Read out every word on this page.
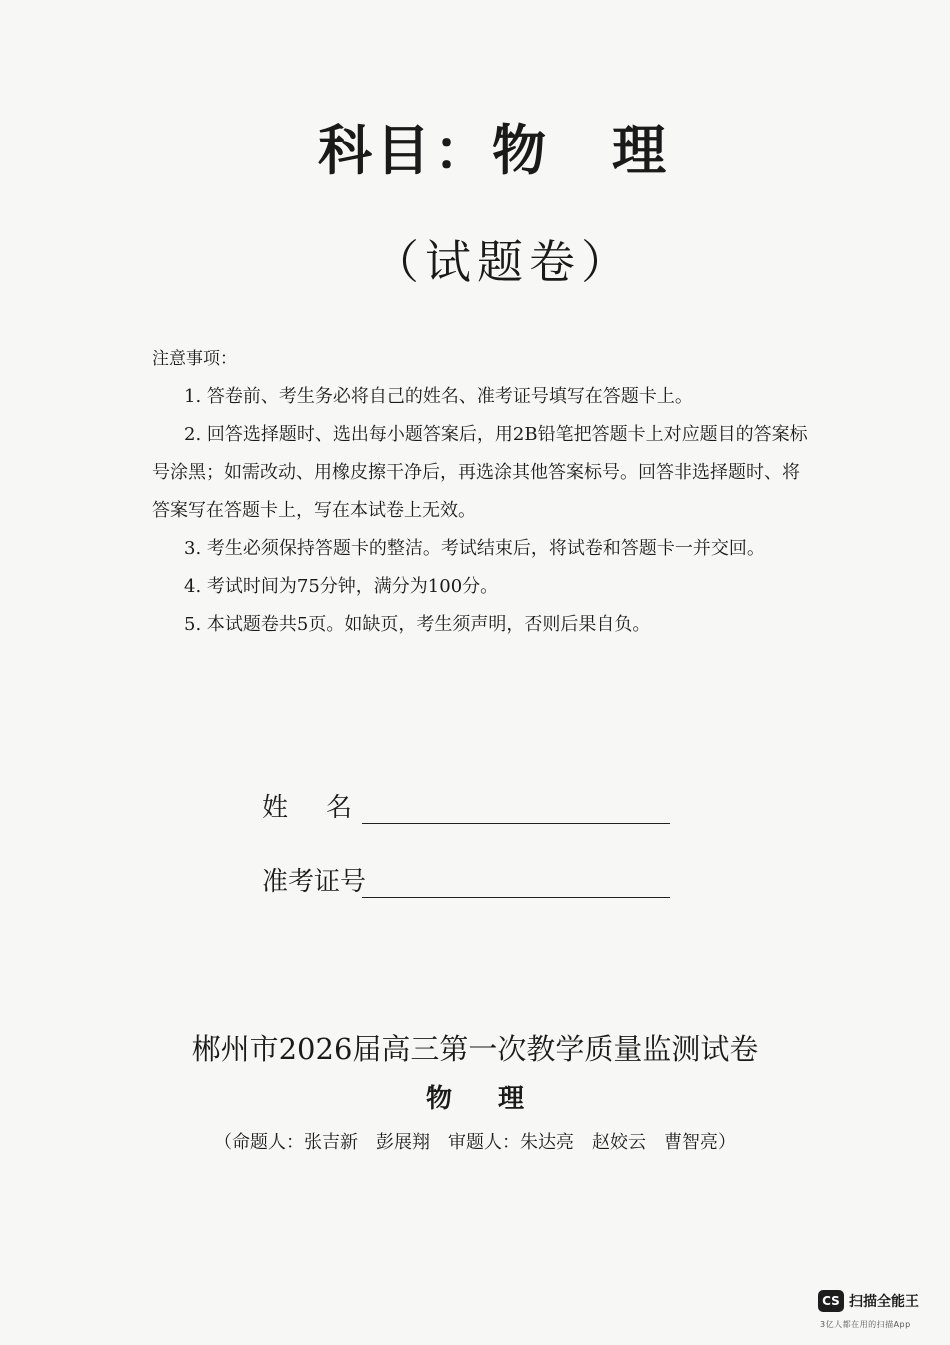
科目：物 理
（试题卷）
注意事项：

1. 答卷前、考生务必将自己的姓名、准考证号填写在答题卡上。

2. 回答选择题时、选出每小题答案后，用2B铅笔把答题卡上对应题目的答案标号涂黑；如需改动、用橡皮擦干净后，再选涂其他答案标号。回答非选择题时、将答案写在答题卡上，写在本试卷上无效。

3. 考生必须保持答题卡的整洁。考试结束后，将试卷和答题卡一并交回。

4. 考试时间为75分钟，满分为100分。

5. 本试题卷共5页。如缺页，考生须声明，否则后果自负。

姓名
准考证号
郴州市2026届高三第一次教学质量监测试卷
物 理
（命题人：张吉新　彭展翔　审题人：朱达亮　赵姣云　曹智亮）
CS 扫描全能王
3亿人都在用的扫描App
